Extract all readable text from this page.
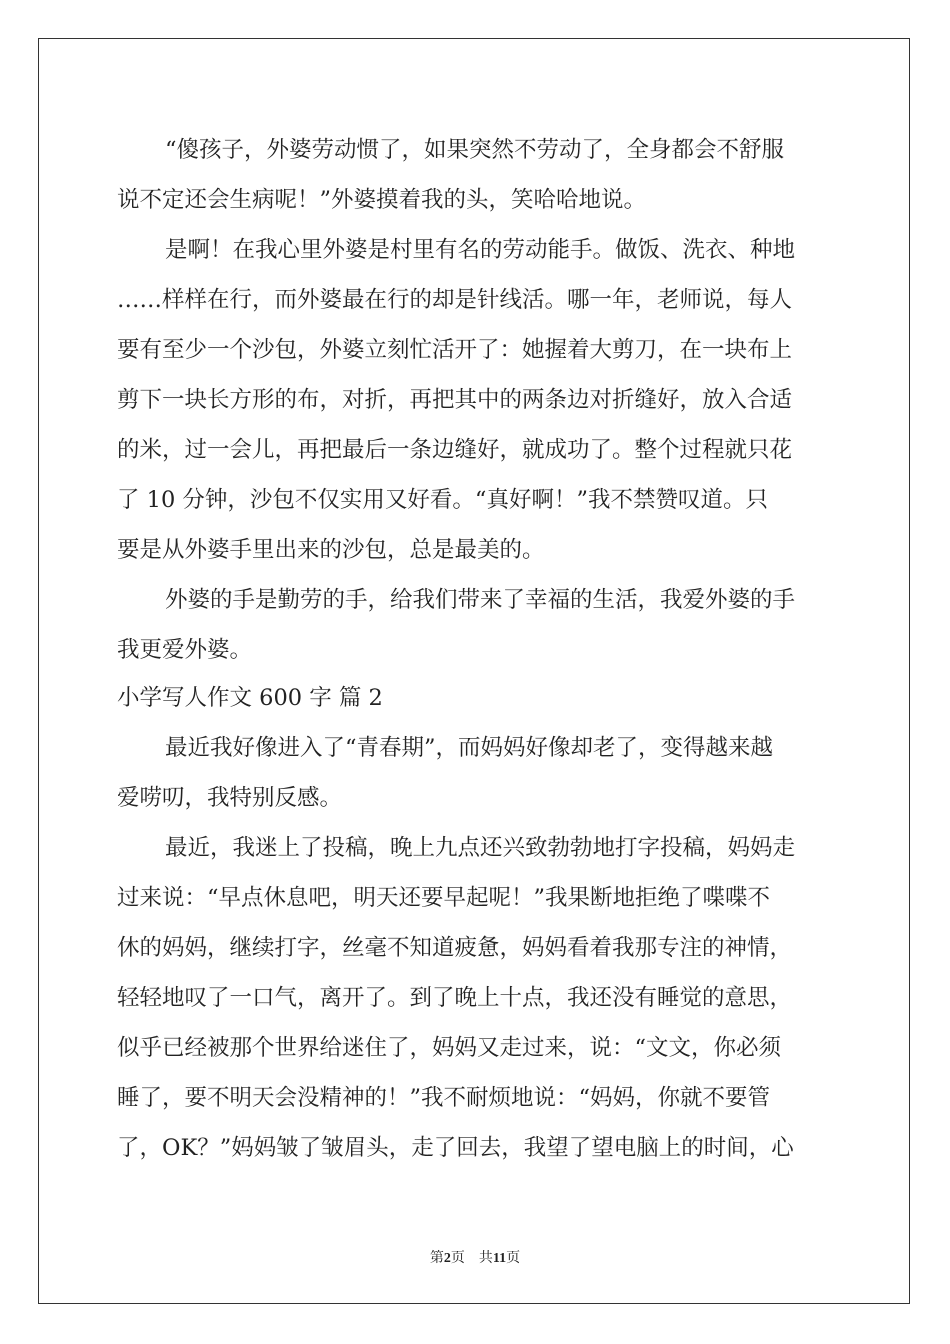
“傻孩子，外婆劳动惯了，如果突然不劳动了，全身都会不舒服

说不定还会生病呢！”外婆摸着我的头，笑哈哈地说。

是啊！在我心里外婆是村里有名的劳动能手。做饭、洗衣、种地

……样样在行，而外婆最在行的却是针线活。哪一年，老师说，每人

要有至少一个沙包，外婆立刻忙活开了：她握着大剪刀，在一块布上

剪下一块长方形的布，对折，再把其中的两条边对折缝好，放入合适

的米，过一会儿，再把最后一条边缝好，就成功了。整个过程就只花

了 10 分钟，沙包不仅实用又好看。“真好啊！”我不禁赞叹道。只

要是从外婆手里出来的沙包，总是最美的。

外婆的手是勤劳的手，给我们带来了幸福的生活，我爱外婆的手

我更爱外婆。

小学写人作文 600 字 篇 2

最近我好像进入了“青春期”，而妈妈好像却老了，变得越来越

爱唠叨，我特别反感。

最近，我迷上了投稿，晚上九点还兴致勃勃地打字投稿，妈妈走

过来说：“早点休息吧，明天还要早起呢！”我果断地拒绝了喋喋不

休的妈妈，继续打字，丝毫不知道疲惫，妈妈看着我那专注的神情，

轻轻地叹了一口气，离开了。到了晚上十点，我还没有睡觉的意思，

似乎已经被那个世界给迷住了，妈妈又走过来，说：“文文，你必须

睡了，要不明天会没精神的！”我不耐烦地说：“妈妈，你就不要管

了，OK？”妈妈皱了皱眉头，走了回去，我望了望电脑上的时间，心

第2页    共11页
